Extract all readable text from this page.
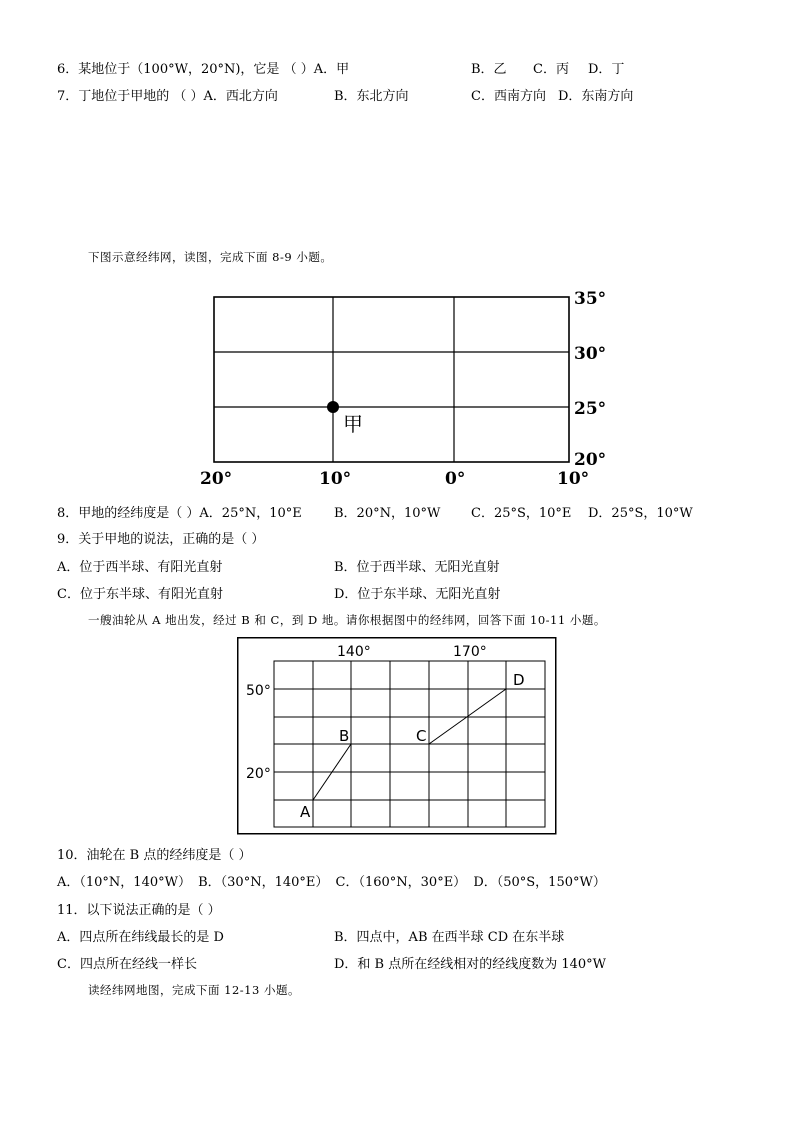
6．某地位于（100°W，20°N)，它是 （ ）A．甲	B．乙 C．丙 D．丁
7．丁地位于甲地的 （ ）A．西北方向	B．东北方向	C．西南方向 D．东南方向
下图示意经纬网，读图，完成下面 8-9 小题。
甲
35°
30°
25°
20°
20°	10°	0°	10°
8．甲地的经纬度是（ ）A．25°N，10°E B．20°N，10°W C．25°S，10°E D．25°S，10°W
9．关于甲地的说法，正确的是（ ）
A．位于西半球、有阳光直射	B．位于西半球、无阳光直射
C．位于东半球、有阳光直射	D．位于东半球、无阳光直射
一艘油轮从 A 地出发，经过 B 和 C，到 D 地。请你根据图中的经纬网，回答下面 10-11 小题。
140°	170°
50°
20°
A
B	C
D
10．油轮在 B 点的经纬度是（ ）
A．（10°N，140°W） B．（30°N，140°E） C．（160°N，30°E） D．（50°S，150°W）
11．以下说法正确的是（ ）
A．四点所在纬线最长的是 D	B．四点中，AB 在西半球 CD 在东半球
C．四点所在经线一样长	D．和 B 点所在经线相对的经线度数为 140°W
读经纬网地图，完成下面 12-13 小题。
